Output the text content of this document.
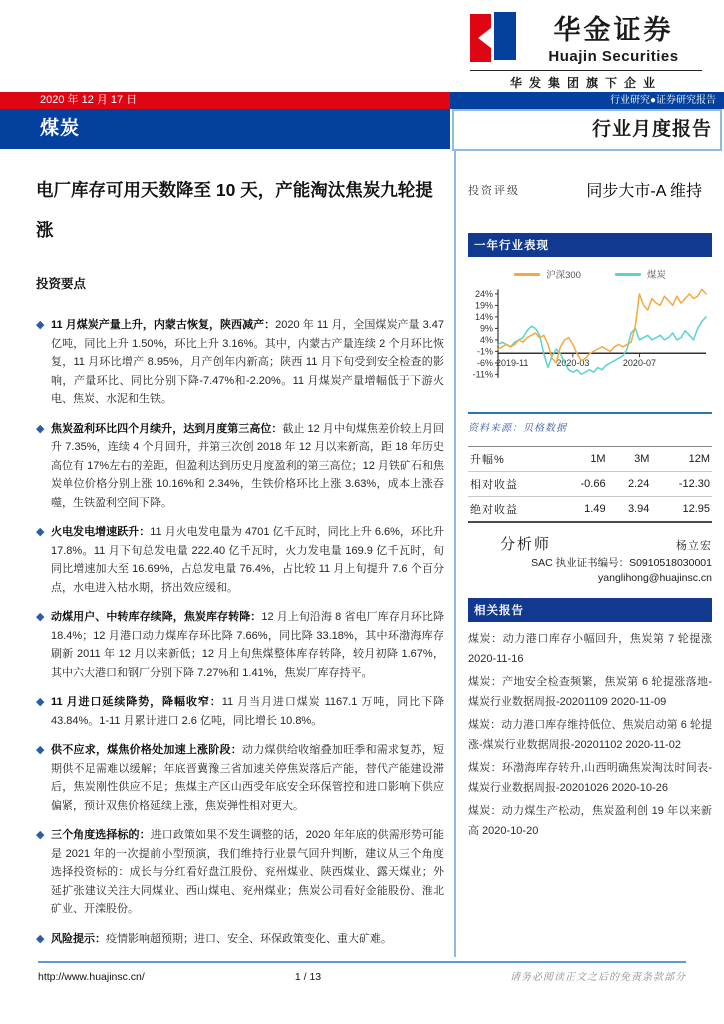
华金证券
Huajin Securities
华发集团旗下企业
2020 年 12 月 17 日	行业研究●证券研究报告
煤炭	行业月度报告
电厂库存可用天数降至 10 天，产能淘汰焦炭九轮提涨
投资要点
◆ 11 月煤炭产量上升，内蒙古恢复，陕西减产：2020 年 11 月，全国煤炭产量 3.47 亿吨，同比上升 1.50%，环比上升 3.16%。其中，内蒙古产量连续 2 个月环比恢复，11 月环比增产 8.95%，月产创年内新高；陕西 11 月下旬受到安全检查的影响，产量环比、同比分别下降-7.47%和-2.20%。11 月煤炭产量增幅低于下游火电、焦炭、水泥和生铁。

◆ 焦炭盈利环比四个月续升，达到月度第三高位：截止 12 月中旬煤焦差价较上月回升 7.35%，连续 4 个月回升，并第三次创 2018 年 12 月以来新高，距 18 年历史高位有 17%左右的差距，但盈利达到历史月度盈利的第三高位；12 月铁矿石和焦炭单位价格分别上涨 10.16%和 2.34%，生铁价格环比上涨 3.63%，成本上涨吞噬，生铁盈利空间下降。

◆ 火电发电增速跃升：11 月火电发电量为 4701 亿千瓦时，同比上升 6.6%，环比升 17.8%。11 月下旬总发电量 222.40 亿千瓦时，火力发电量 169.9 亿千瓦时，旬同比增速加大至 16.69%，占总发电量 76.4%，占比较 11 月上旬提升 7.6 个百分点，水电进入枯水期，挤出效应缓和。

◆ 动煤用户、中转库存续降，焦炭库存转降：12 月上旬沿海 8 省电厂库存月环比降 18.4%；12 月港口动力煤库存环比降 7.66%，同比降 33.18%，其中环渤海库存刷新 2011 年 12 月以来新低；12 月上旬焦煤整体库存转降，较月初降 1.67%，其中六大港口和钢厂分别下降 7.27%和 1.41%，焦炭厂库存持平。

◆ 11 月进口延续降势，降幅收窄：11 月当月进口煤炭 1167.1 万吨，同比下降 43.84%。1-11 月累计进口 2.6 亿吨，同比增长 10.8%。

◆ 供不应求，煤焦价格处加速上涨阶段：动力煤供给收缩叠加旺季和需求复苏，短期供不足需难以缓解；年底晋冀豫三省加速关停焦炭落后产能，替代产能建设滞后，焦炭刚性供应不足；焦煤主产区山西受年底安全环保管控和进口影响下供应偏紧，预计双焦价格延续上涨，焦炭弹性相对更大。

◆ 三个角度选择标的：进口政策如果不发生调整的话，2020 年年底的供需形势可能是 2021 年的一次提前小型预演，我们维持行业景气回升判断，建议从三个角度选择投资标的：成长与分红看好盘江股份、兖州煤业、陕西煤业、露天煤业；外延扩张建议关注大同煤业、西山煤电、兖州煤业；焦炭公司看好金能股份、淮北矿业、开滦股份。

◆ 风险提示：疫情影响超预期；进口、安全、环保政策变化、重大矿难。

投资评级	同步大市-A 维持
一年行业表现
沪深300	煤炭
24%
19%
14%
9%
4%
-1%
-6%
-11%
2019-11	2020-03	2020-07
资料来源：贝格数据
升幅%	1M	3M	12M
相对收益	-0.66	2.24	-12.30
绝对收益	1.49	3.94	12.95
分析师	杨立宏
SAC 执业证书编号：S0910518030001
yanglihong@huajinsc.cn
相关报告
煤炭：动力港口库存小幅回升，焦炭第 7 轮提涨 2020-11-16
煤炭：产地安全检查频繁，焦炭第 6 轮提涨落地-煤炭行业数据周报-20201109 2020-11-09
煤炭：动力港口库存维持低位、焦炭启动第 6 轮提涨-煤炭行业数据周报-20201102 2020-11-02
煤炭：环渤海库存转升,山西明确焦炭淘汰时间表-煤炭行业数据周报-20201026 2020-10-26
煤炭：动力煤生产松动，焦炭盈利创 19 年以来新高 2020-10-20
http://www.huajinsc.cn/	1 / 13	请务必阅读正文之后的免责条款部分
